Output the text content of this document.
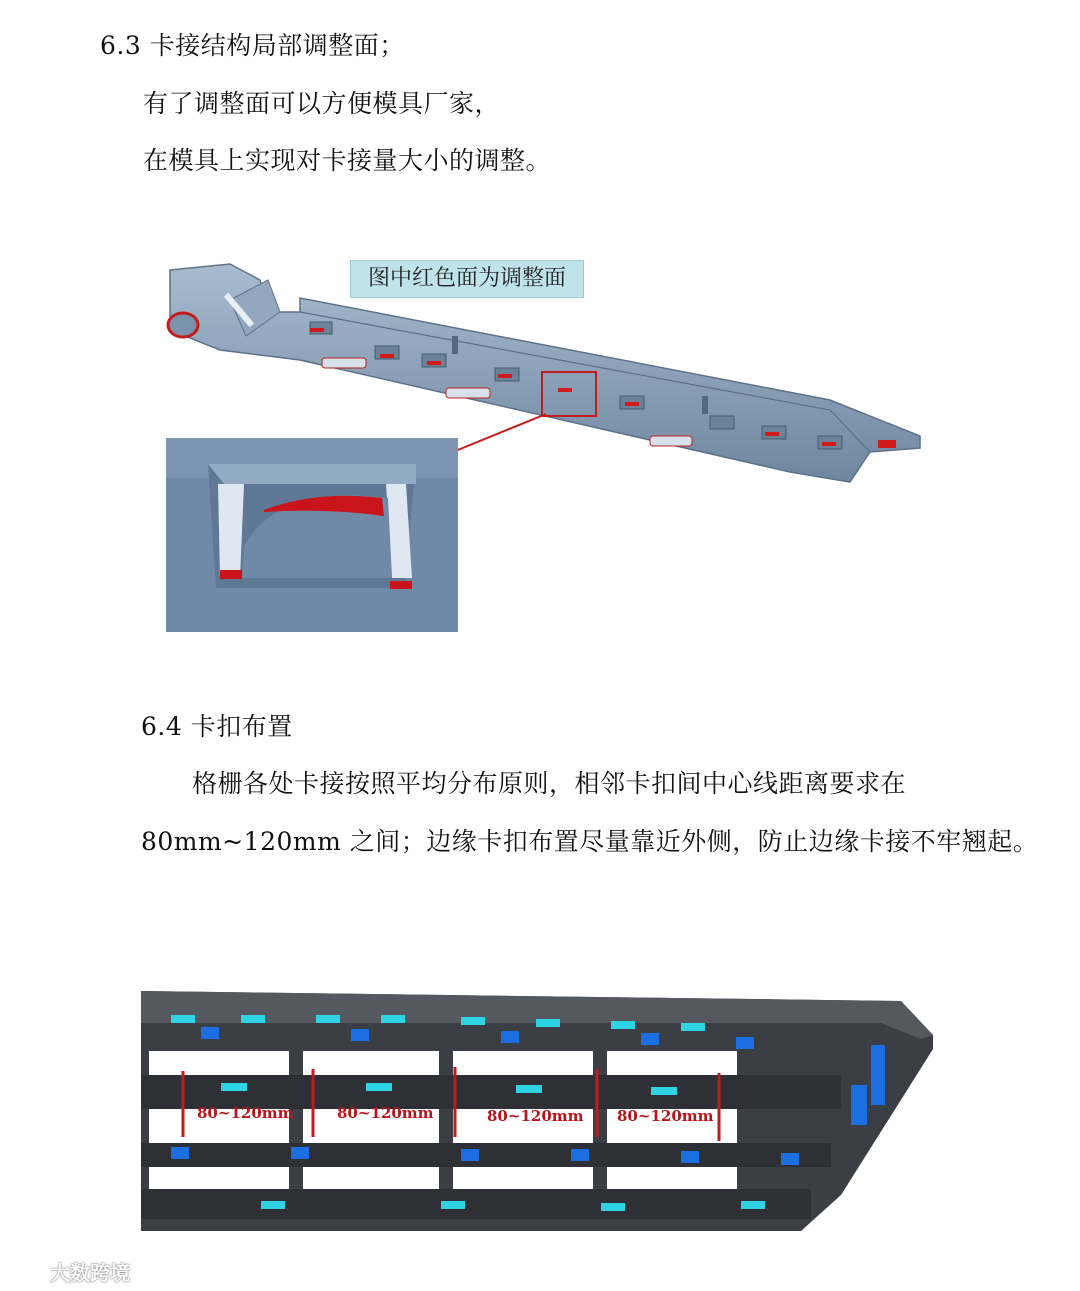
6.3 卡接结构局部调整面；
有了调整面可以方便模具厂家，
在模具上实现对卡接量大小的调整。
图中红色面为调整面
6.4 卡扣布置
格栅各处卡接按照平均分布原则，相邻卡扣间中心线距离要求在
80mm~120mm 之间；边缘卡扣布置尽量靠近外侧，防止边缘卡接不牢翘起。
80~120mm	80~120mm	80~120mm 80~120mm
大数跨境
